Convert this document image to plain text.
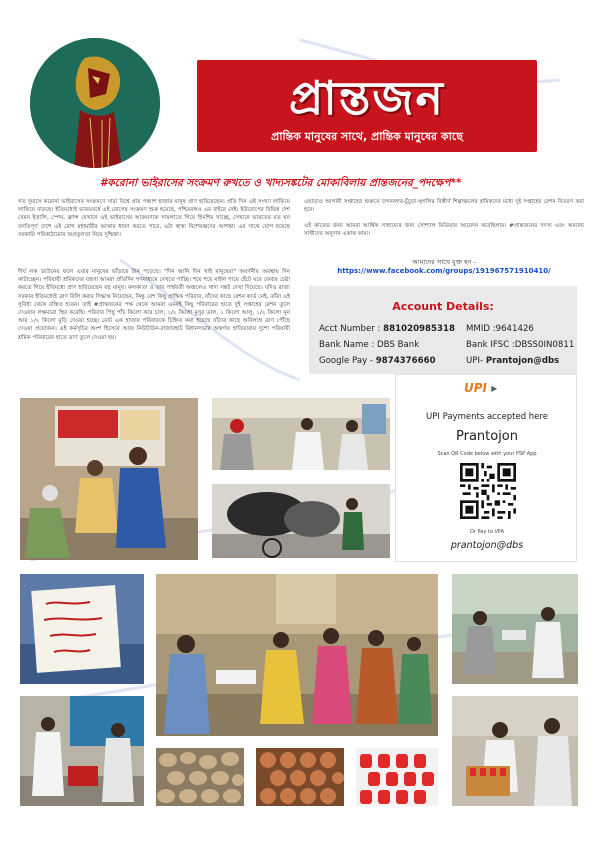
প্রান্তজন
প্রান্তিক মানুষের সাথে, প্রান্তিক মানুষের কাছে
#করোনা ভাইরাসের সংক্রমণ রুখতে ও খাদ্যসঙ্কটের মোকাবিলায় প্রান্তজনের_পদক্ষেপ**
গত দুমাসে করোনা ভাইরাসের সংক্রমণে সারা বিশ্বে প্রায় পঞ্চাশ হাজার মানুষ প্রাণ হারিয়েছেন। প্রতি দিন এই সংখ্যা লাফিয়ে লাফিয়ে বাড়ছে। ইতিমধ্যেই ভারতবর্ষে এই রোগের সংক্রমণ শুরু হয়েছে, পশ্চিমবঙ্গও এর বাইরে নেই। ইউরোপের বিভিন্ন দেশ যেমন ইতালি, স্পেন, ফ্রান্স যেখানে এই ভাইরাসের আক্রমণকে সামলাতে গিয়ে হিমশিম খাচ্ছে, সেখানে ভারতের মত ঘন বসতিপূর্ণ দেশে এই রোগ মহামারীর আকার ধারণ করতে পারে, এটা স্বাস্থ্য বিশেষজ্ঞদের আশঙ্কা। এর সাথে যোগ হয়েছে সরকারি পরিকাঠামোর অপ্রতুলতা নিয়ে দুশ্চিন্তা।
দীর্ঘ লক ডাউনের ফলে এবার মানুষের ভাঁড়ারে টান পড়েছে। "দিন আনি দিন খাই মানুষেরা" অবর্ণনীয় অবস্থায় দিন কাটাচ্ছেন। পরিযায়ী শ্রমিকদের যন্ত্রণা আমরা প্রতিদিন গণমাধ্যমে দেখতে পাচ্ছি। শয়ে শয়ে মাইল পায়ে হেঁটে ঘরে ফেরার চেষ্টা করতে গিয়ে ইতিমধ্যে প্রাণ হারিয়েছেন বহু মানুষ। কলকাতা ও তার পার্শ্ববর্তী অঞ্চলেও খাদ্য সঙ্কট দেখা দিয়েছে। যদিও রাজ্য সরকার ইতিমধ্যেই ত্রাণ বিলি করার সিদ্ধান্ত নিয়েছেন, কিন্তু বেশ কিছু প্রান্তিক পরিবার, যাঁদের কাছে রেশন কার্ড নেই, তাঁরা এই সুবিধা থেকে বঞ্চিত হবেন। তাই #প্রান্তজনের পক্ষ থেকে আমরা এমনই কিছু পরিবারের হাতে দুই সপ্তাহের রেশন তুলে দেওয়ার লক্ষমাত্রা স্থির করেছি। পরিবার পিছু পাঁচ কিলো করে চাল, ১/২ কিলো মুসুর ডাল, ১ কিলো আলু, ১/২ কিলো নুন আর ১/২ কিলো মুড়ি দেওয়া হচ্ছে। মোট এক হাজার পরিবারকে চিহ্নিত করা হয়েছে যাঁদের কাছে অবিলম্বে ত্রাণ পৌঁছে দেওয়া প্রয়োজন। এই কর্মসূচির অংশ হিসেবে আজ নিউটাউন-রাজারহাট বিধানসভার অন্তর্গত হাতিয়ারায় দুশো পরিযায়ী শ্রমিক পরিবারের হাতে ত্রাণ তুলে দেওয়া হয়।
এছাড়াও আগামী সপ্তাহের শুরুতে চন্দননগর-চুঁচুড়া-হুগলির বিস্তীর্ণ শিল্পাঞ্চলের শ্রমিকদের মধ্যে দুই সপ্তাহের রেশন বিতরণ করা হবে।
এই কাজের জন্য আমরা আর্থিক সাহায্যের জন্য সোশ্যাল মিডিয়ায় আবেদন করেছিলাম। #প্রান্তজনের সদস্য এবং অন্যান্য সাথীদের অনুদান একান্ত কাম্য।
আমাদের সাথে যুক্ত হন -
https://www.facebook.com/groups/191967571910410/
Account Details:
Acct Number : 881020985318 MMID :9641426
Bank Name : DBS Bank	Bank IFSC :DBSS0IN0811
Google Pay - 9874376660	UPI- Prantojon@dbs
UPI ▸
UPI Payments accepted here
Prantojon
Scan QR Code below with your PSP App
Or Pay to VPA
prantojon@dbs
